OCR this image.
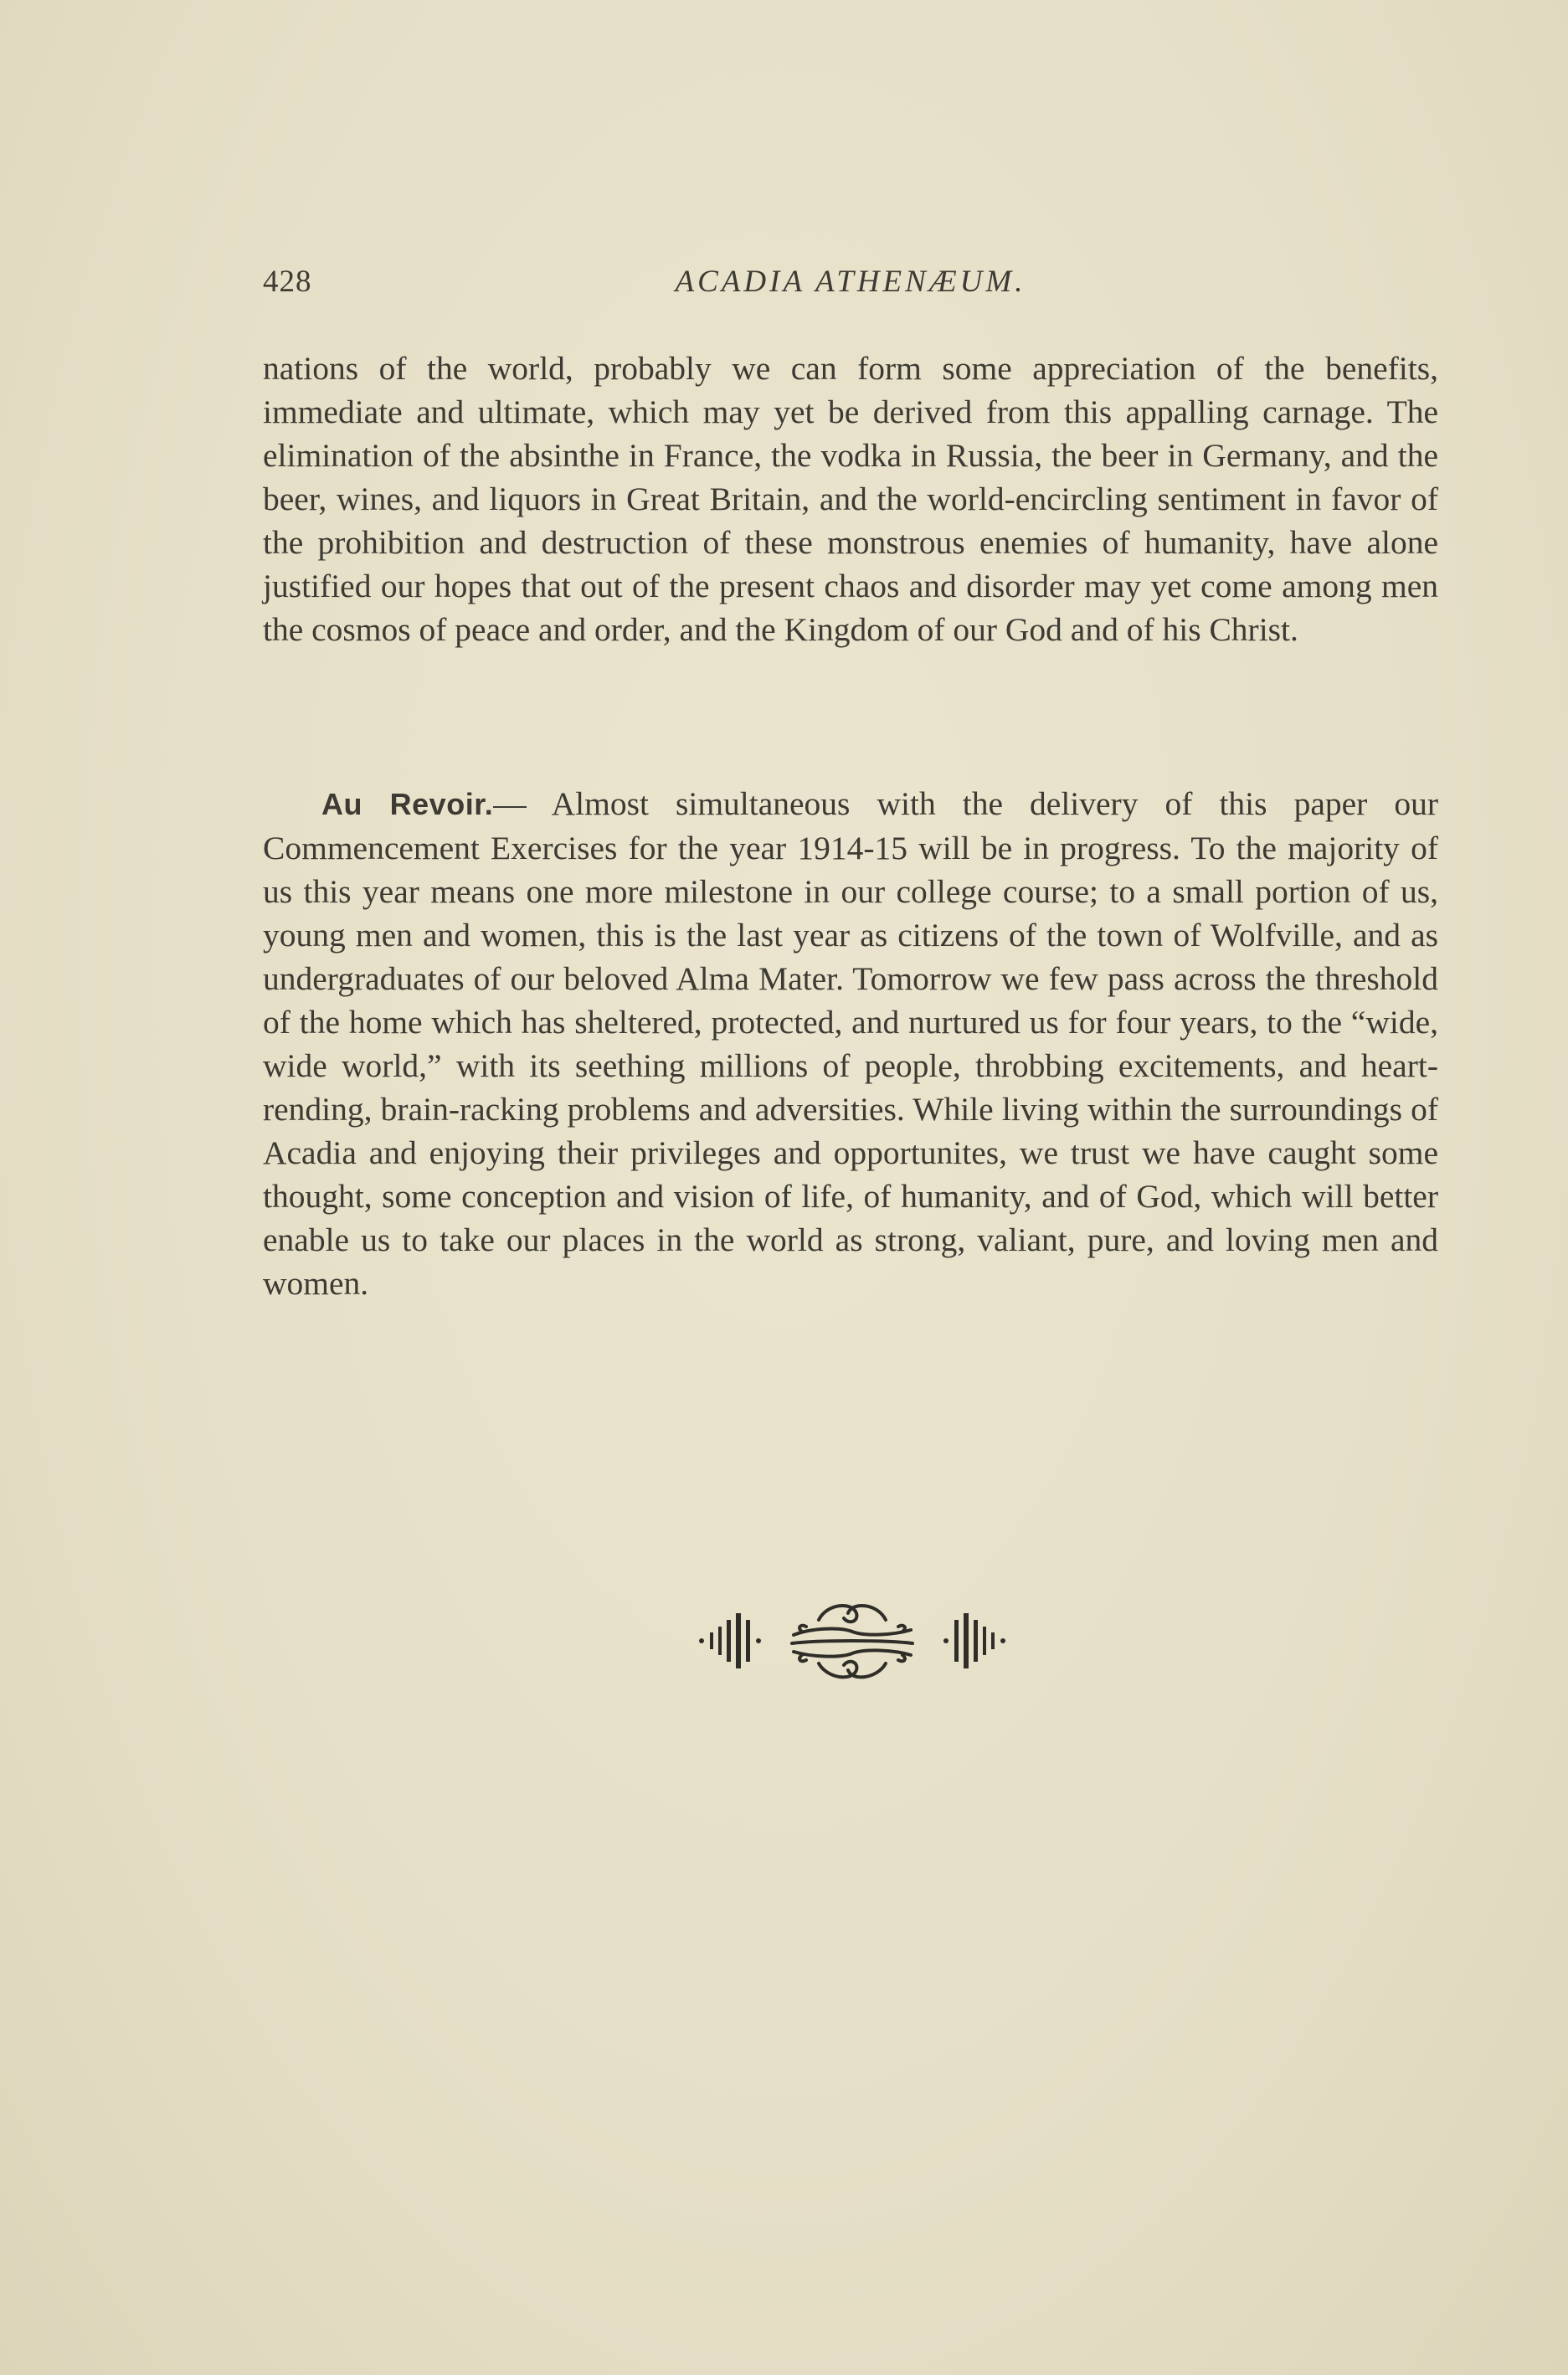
428	ACADIA ATHENÆUM.

nations of the world, probably we can form some appreciation of the benefits, immediate and ultimate, which may yet be derived from this appalling carnage. The elimination of the absinthe in France, the vodka in Russia, the beer in Germany, and the beer, wines, and liquors in Great Britain, and the world-encircling sentiment in favor of the prohibition and destruction of these monstrous enemies of humanity, have alone justified our hopes that out of the present chaos and disorder may yet come among men the cosmos of peace and order, and the Kingdom of our God and of his Christ.

Au Revoir.— Almost simultaneous with the delivery of this paper our Commencement Exercises for the year 1914-15 will be in progress. To the majority of us this year means one more milestone in our college course; to a small portion of us, young men and women, this is the last year as citizens of the town of Wolfville, and as undergraduates of our beloved Alma Mater. Tomorrow we few pass across the threshold of the home which has sheltered, protected, and nurtured us for four years, to the “wide, wide world,” with its seething millions of people, throbbing excitements, and heart-rending, brain-racking problems and adversities. While living within the surroundings of Acadia and enjoying their privileges and opportunites, we trust we have caught some thought, some conception and vision of life, of humanity, and of God, which will better enable us to take our places in the world as strong, valiant, pure, and loving men and women.
